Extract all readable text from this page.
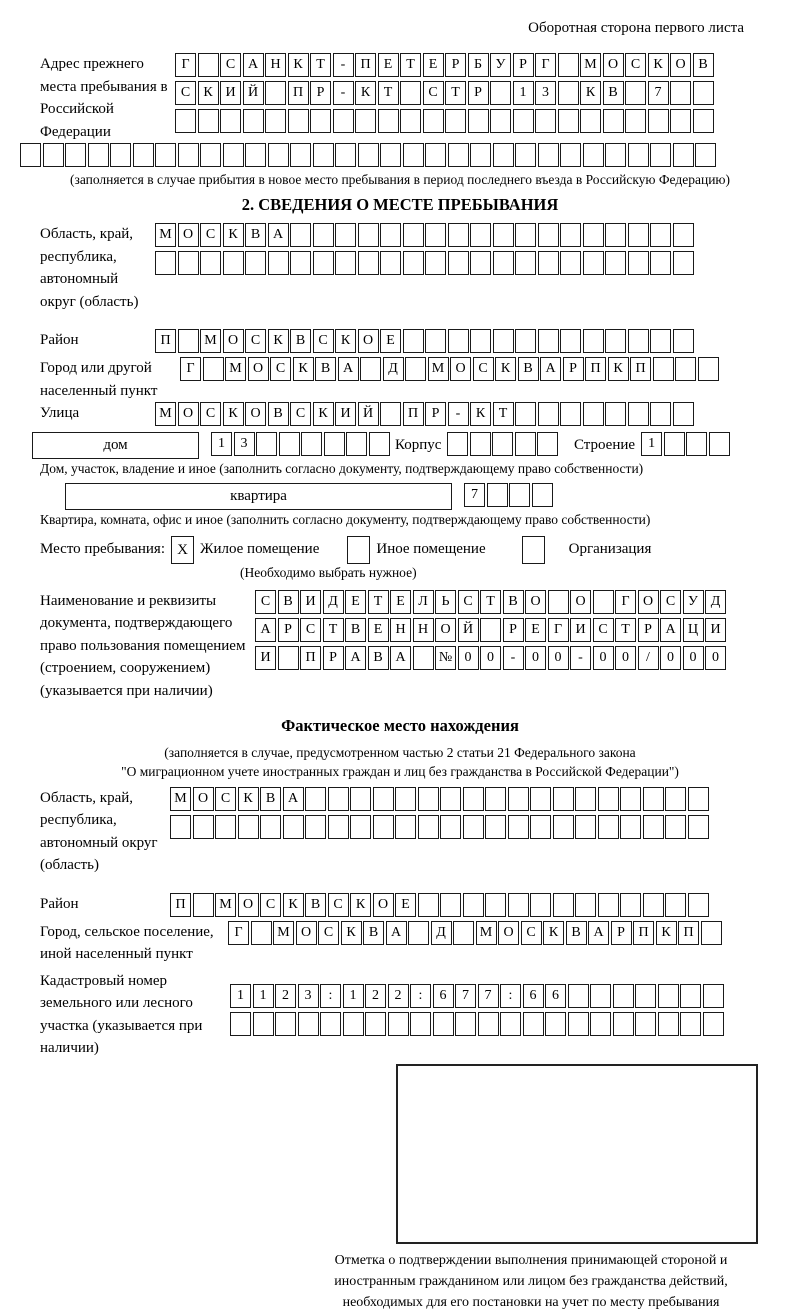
Оборотная сторона первого листа
Адрес прежнего места пребывания в Российской Федерации
Г	С А Н К Т	-	П Е Т Е	Р	Б У Р	Г	М О С К О В
С К И Й	П Р	-	К Т	С Т	Р	1	3	К В	7
(заполняется в случае прибытия в новое место пребывания в период последнего въезда в Российскую Федерацию)
2. СВЕДЕНИЯ О МЕСТЕ ПРЕБЫВАНИЯ
Область, край, республика, автономный округ (область)
М О С К В А
Район	П	М О С К В С К О Е
Город или другой населенный пункт
Г	М О С К В А	Д	М О С К В А Р П К П
Улица	М О С К О В С К И Й	П Р	-	К Т
дом	1	3	Корпус	Строение 1
Дом, участок, владение и иное (заполнить согласно документу, подтверждающему право собственности)
квартира	7
Квартира, комната, офис и иное (заполнить согласно документу, подтверждающему право собственности)
Место пребывания: X Жилое помещение	Иное помещение	Организация
(Необходимо выбрать нужное)
Наименование и реквизиты документа, подтверждающего право пользования помещением (строением, сооружением) (указывается при наличии)
С В И Д Е Т Е Л Ь С Т В О	О	Г О С У Д
А Р С Т В Е Н Н О Й	Р	Е	Г И С Т	Р А Ц И
И	П Р А В А	№ 0	0	-	0	0	-	0	0	/	0	0	0
Фактическое место нахождения
(заполняется в случае, предусмотренном частью 2 статьи 21 Федерального закона
"О миграционном учете иностранных граждан и лиц без гражданства в Российской Федерации")
Область, край, республика, автономный округ (область)
М О С К В А
Район	П	М О С К В С К О Е
Город, сельское поселение, иной населенный пункт
Г	М О С К В А	Д	М О С К В А Р П К П
Кадастровый номер земельного или лесного участка (указывается при наличии)
1	1	2	3	:	1	2	2	:	6	7	7	:	6	6
Отметка о подтверждении выполнения принимающей стороной и иностранным гражданином или лицом без гражданства действий, необходимых для его постановки на учет по месту пребывания
